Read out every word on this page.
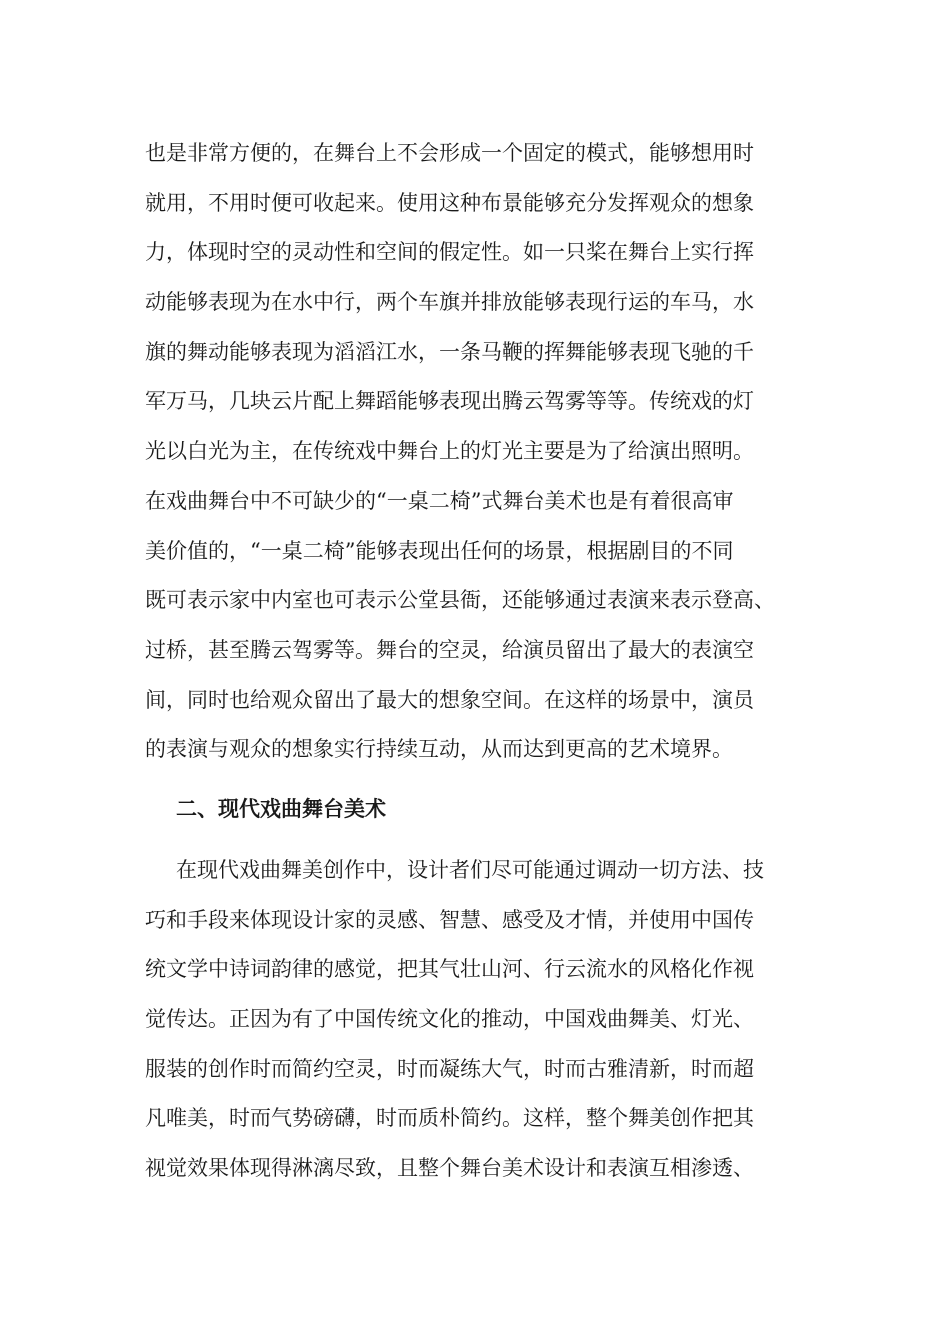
也是非常方便的，在舞台上不会形成一个固定的模式，能够想用时
就用，不用时便可收起来。使用这种布景能够充分发挥观众的想象
力，体现时空的灵动性和空间的假定性。如一只桨在舞台上实行挥
动能够表现为在水中行，两个车旗并排放能够表现行运的车马，水
旗的舞动能够表现为滔滔江水，一条马鞭的挥舞能够表现飞驰的千
军万马，几块云片配上舞蹈能够表现出腾云驾雾等等。传统戏的灯
光以白光为主，在传统戏中舞台上的灯光主要是为了给演出照明。
在戏曲舞台中不可缺少的“一桌二椅”式舞台美术也是有着很高审
美价值的，“一桌二椅”能够表现出任何的场景，根据剧目的不同
既可表示家中内室也可表示公堂县衙，还能够通过表演来表示登高、
过桥，甚至腾云驾雾等。舞台的空灵，给演员留出了最大的表演空
间，同时也给观众留出了最大的想象空间。在这样的场景中，演员
的表演与观众的想象实行持续互动，从而达到更高的艺术境界。
二、现代戏曲舞台美术
在现代戏曲舞美创作中，设计者们尽可能通过调动一切方法、技
巧和手段来体现设计家的灵感、智慧、感受及才情，并使用中国传
统文学中诗词韵律的感觉，把其气壮山河、行云流水的风格化作视
觉传达。正因为有了中国传统文化的推动，中国戏曲舞美、灯光、
服装的创作时而简约空灵，时而凝练大气，时而古雅清新，时而超
凡唯美，时而气势磅礴，时而质朴简约。这样，整个舞美创作把其
视觉效果体现得淋漓尽致，且整个舞台美术设计和表演互相渗透、
